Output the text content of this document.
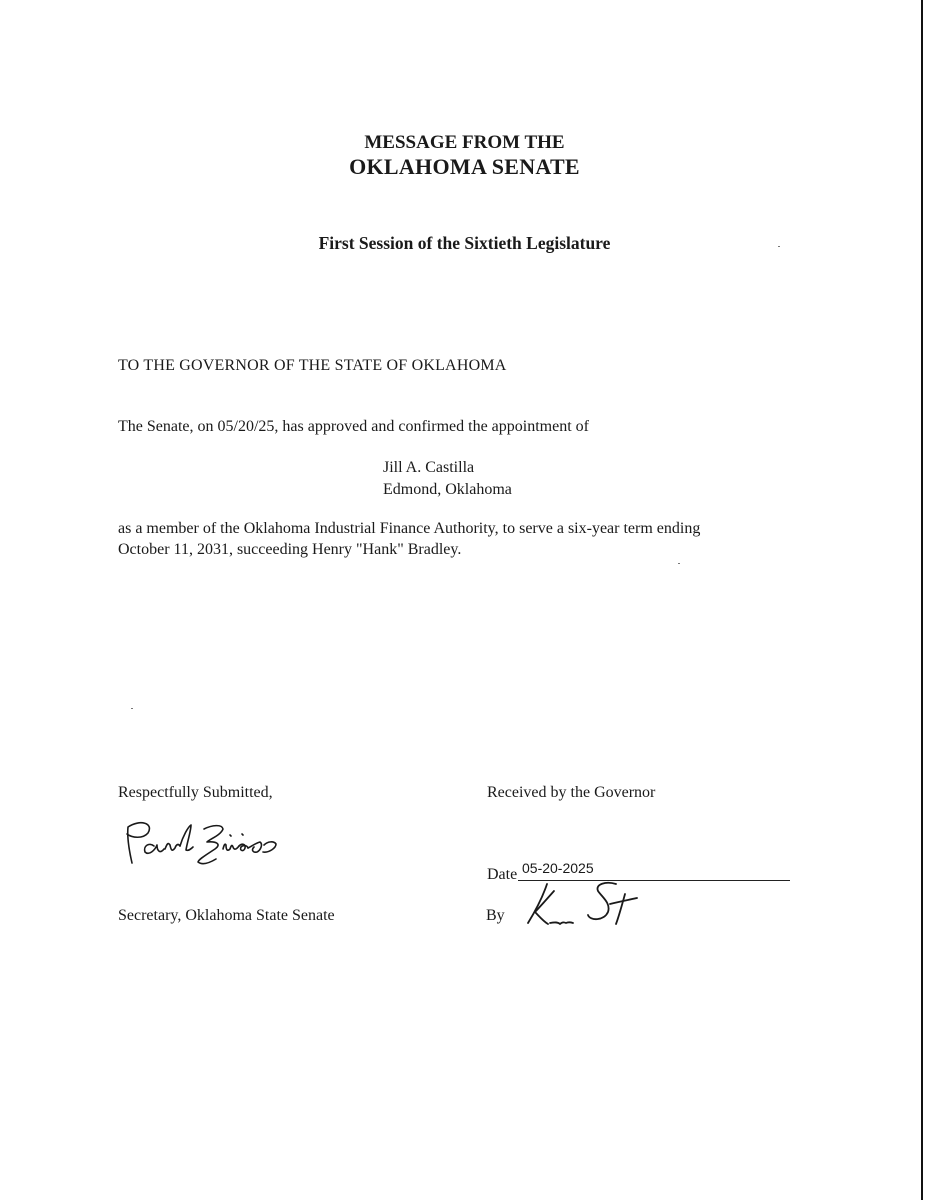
MESSAGE FROM THE
OKLAHOMA SENATE
First Session of the Sixtieth Legislature
TO THE GOVERNOR OF THE STATE OF OKLAHOMA
The Senate, on 05/20/25, has approved and confirmed the appointment of
Jill A. Castilla
Edmond, Oklahoma
as a member of the Oklahoma Industrial Finance Authority, to serve a six-year term ending
October 11, 2031, succeeding Henry "Hank" Bradley.
Respectfully Submitted,	Received by the Governor
Secretary, Oklahoma State Senate
Date 05-20-2025
By
